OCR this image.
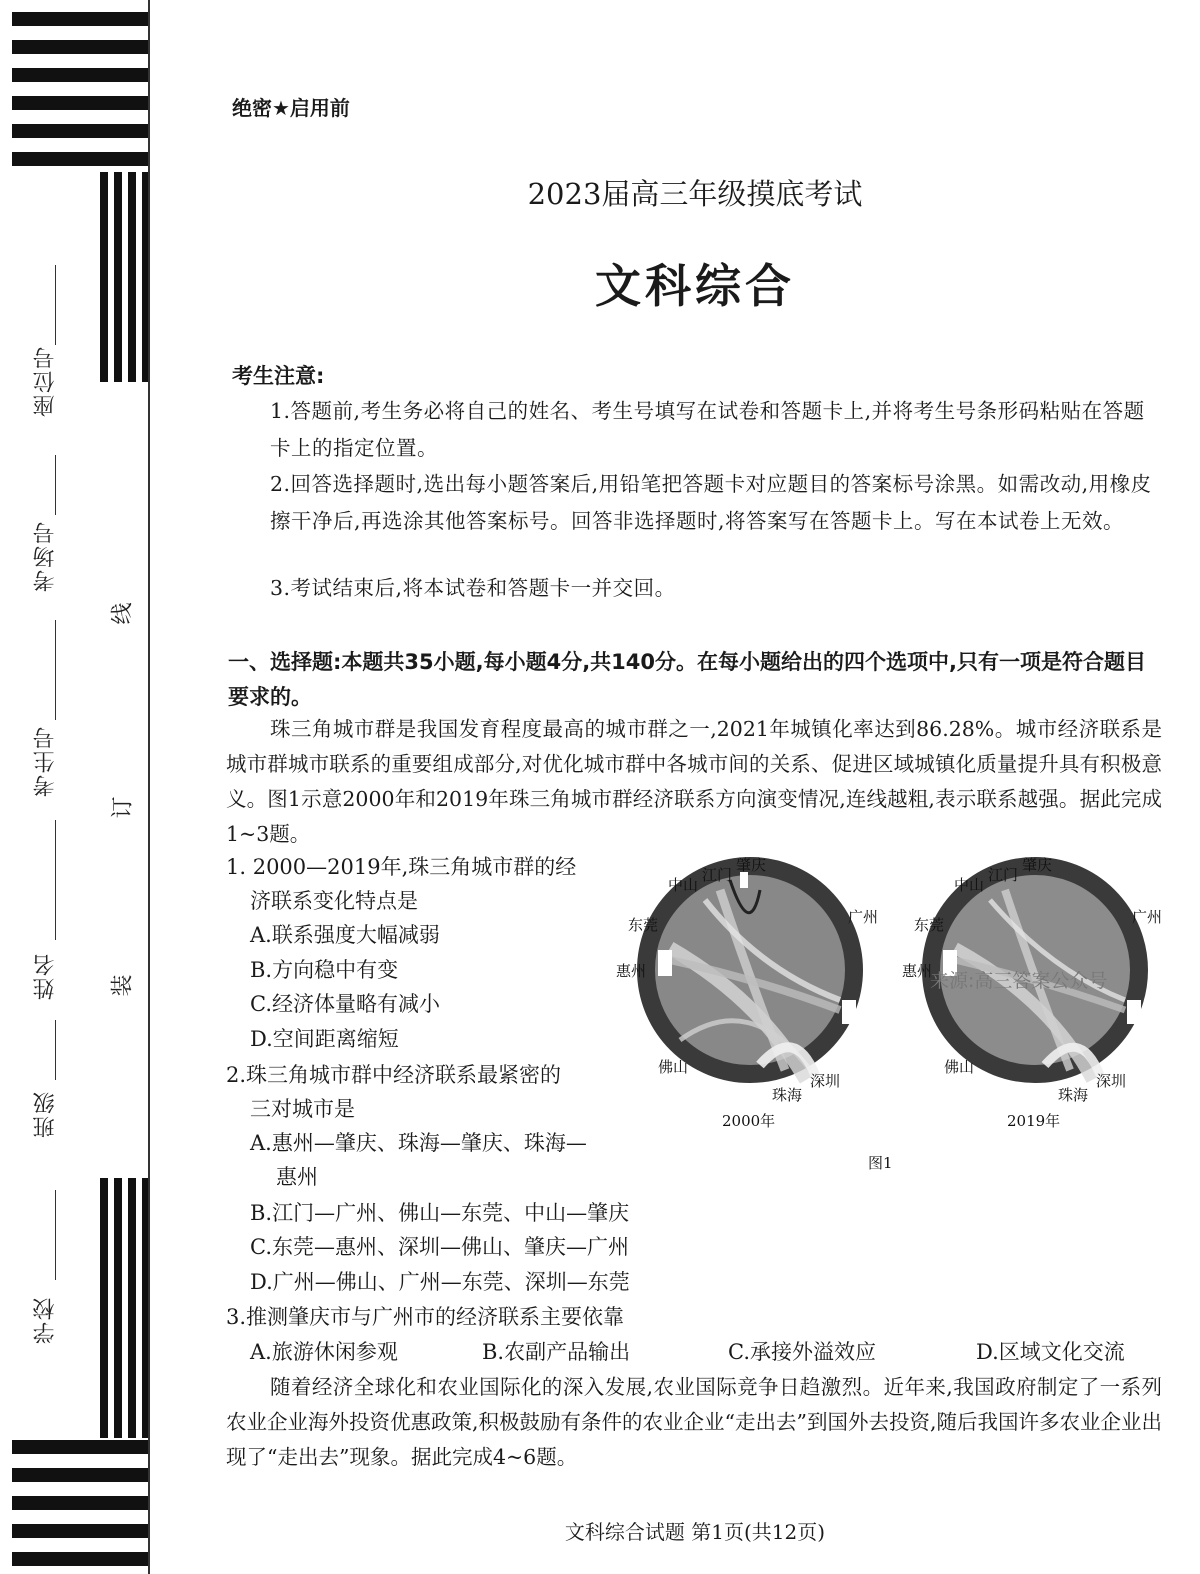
座位号
考场号
考生号
姓名
班级
学校
线
订
装
绝密★启用前
2023届高三年级摸底考试
文科综合
考生注意:
1.答题前,考生务必将自己的姓名、考生号填写在试卷和答题卡上,并将考生号条形码粘贴在答题卡上的指定位置。
2.回答选择题时,选出每小题答案后,用铅笔把答题卡对应题目的答案标号涂黑。如需改动,用橡皮擦干净后,再选涂其他答案标号。回答非选择题时,将答案写在答题卡上。写在本试卷上无效。
3.考试结束后,将本试卷和答题卡一并交回。
一、选择题:本题共35小题,每小题4分,共140分。在每小题给出的四个选项中,只有一项是符合题目要求的。
珠三角城市群是我国发育程度最高的城市群之一,2021年城镇化率达到86.28%。城市经济联系是城市群城市联系的重要组成部分,对优化城市群中各城市间的关系、促进区域城镇化质量提升具有积极意义。图1示意2000年和2019年珠三角城市群经济联系方向演变情况,连线越粗,表示联系越强。据此完成1~3题。
1. 2000—2019年,珠三角城市群的经
济联系变化特点是
A.联系强度大幅减弱
B.方向稳中有变
C.经济体量略有减小
D.空间距离缩短
2.珠三角城市群中经济联系最紧密的
三对城市是
A.惠州—肇庆、珠海—肇庆、珠海—
惠州
B.江门—广州、佛山—东莞、中山—肇庆
C.东莞—惠州、深圳—佛山、肇庆—广州
D.广州—佛山、广州—东莞、深圳—东莞
3.推测肇庆市与广州市的经济联系主要依靠
A.旅游休闲参观	B.农副产品输出	C.承接外溢效应	D.区域文化交流
随着经济全球化和农业国际化的深入发展,农业国际竞争日趋激烈。近年来,我国政府制定了一系列农业企业海外投资优惠政策,积极鼓励有条件的农业企业“走出去”到国外去投资,随后我国许多农业企业出现了“走出去”现象。据此完成4~6题。
中山
江门
肇庆
广州
深圳
珠海
佛山
惠州
东莞
中山
江门
肇庆
广州
深圳
珠海
佛山
惠州
东莞
2000年	2019年
图1
来源:高三答案公众号
文科综合试题 第1页(共12页)
